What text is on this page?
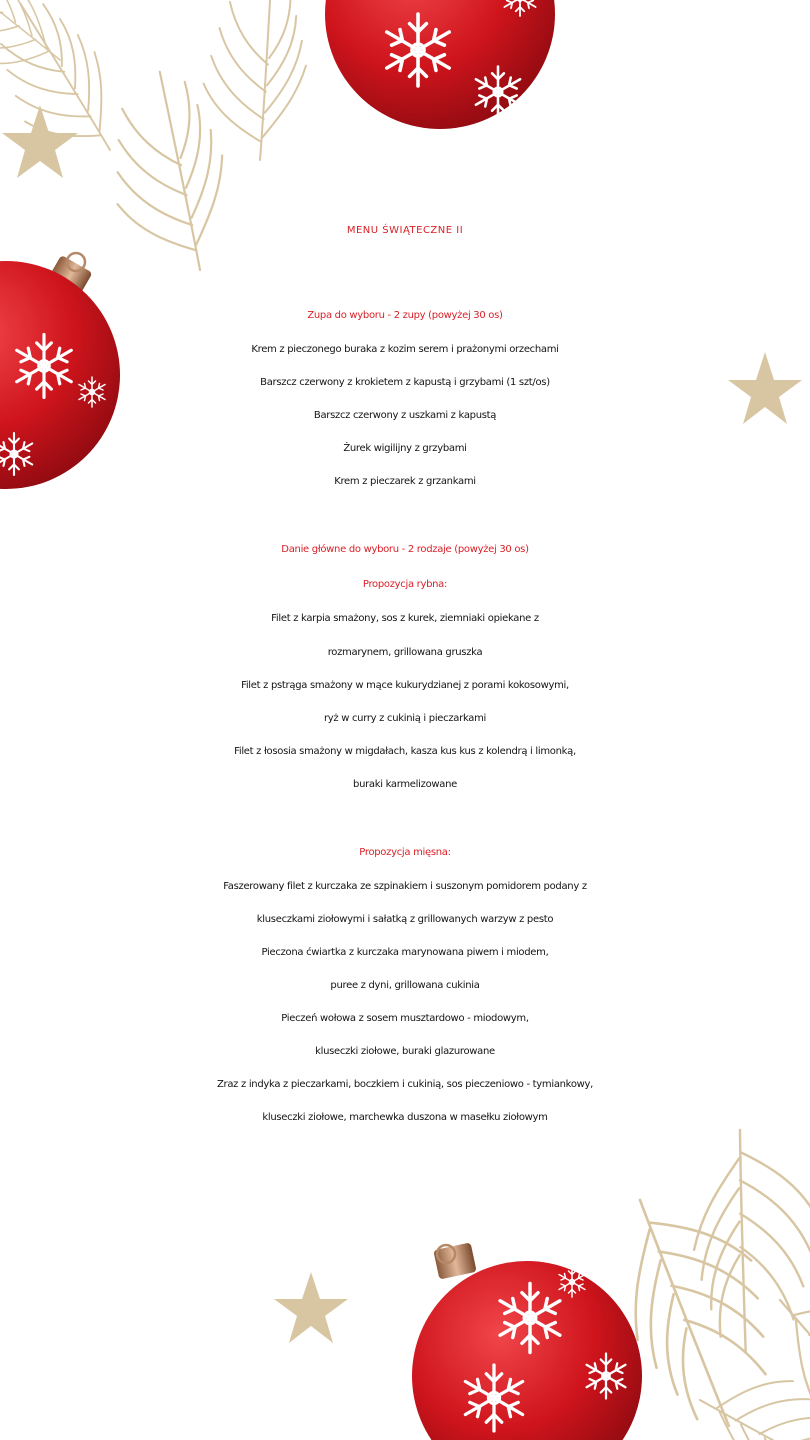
MENU ŚWIĄTECZNE II
Zupa do wyboru - 2 zupy (powyżej 30 os)
Krem z pieczonego buraka z kozim serem i prażonymi orzechami
Barszcz czerwony z krokietem z kapustą i grzybami (1 szt/os)
Barszcz czerwony z uszkami z kapustą
Żurek wigilijny z grzybami
Krem z pieczarek z grzankami
Danie główne do wyboru - 2 rodzaje (powyżej 30 os)
Propozycja rybna:
Filet z karpia smażony, sos z kurek, ziemniaki opiekane z
rozmarynem, grillowana gruszka
Filet z pstrąga smażony w mące kukurydzianej z porami kokosowymi,
ryż w curry z cukinią i pieczarkami
Filet z łososia smażony w migdałach, kasza kus kus z kolendrą i limonką,
buraki karmelizowane
Propozycja mięsna:
Faszerowany filet z kurczaka ze szpinakiem i suszonym pomidorem podany z
kluseczkami ziołowymi i sałatką z grillowanych warzyw z pesto
Pieczona ćwiartka z kurczaka marynowana piwem i miodem,
puree z dyni, grillowana cukinia
Pieczeń wołowa z sosem musztardowo - miodowym,
kluseczki ziołowe, buraki glazurowane
Zraz z indyka z pieczarkami, boczkiem i cukinią, sos pieczeniowo - tymiankowy,
kluseczki ziołowe, marchewka duszona w masełku ziołowym
